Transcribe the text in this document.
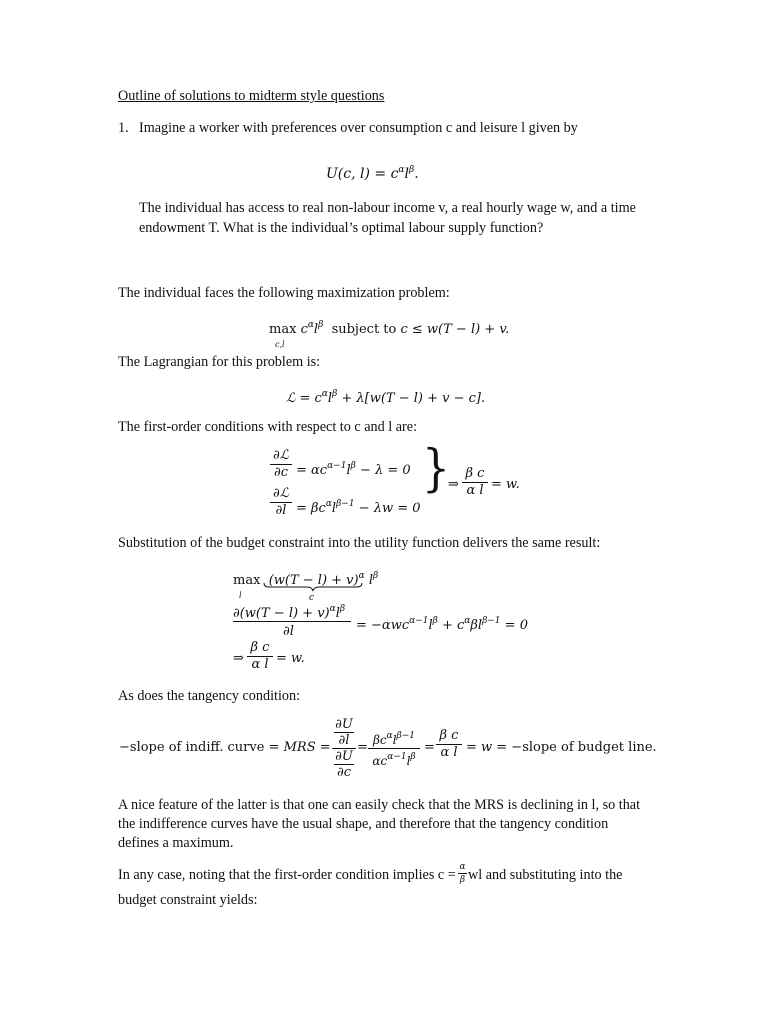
Outline of solutions to midterm style questions
1. Imagine a worker with preferences over consumption c and leisure l given by
U(c, $l) = c^\alpha l^\beta$.
The individual has access to real non-labour income v, a real hourly wage w, and a time
endowment T. What is the individual’s optimal labour supply function?
The individual faces the following maximization problem:
max
c,l
$c^\alpha l^\beta$  subject to c ≤ w(T − l) + v.
The Lagrangian for this problem is:
ℒ = $c^\alpha l^\beta + \lambda[w(T - l) + v - c]$.
The first-order conditions with respect to c and l are:
∂ℒ
$\partial c = \alpha c^{\alpha-1}l^\beta - \lambda = 0$
∂ℒ
$\partial l = \beta c^\alpha l^{\beta-1} - \lambda w = 0$
}
⇒
β c
α l = w.
Substitution of the budget constraint into the utility function delivers the same result:
max
l
$(w(T - l) + v)^\alpha$ $l^\beta$
c
$\partial(w(T - l) + v)^\alpha l^\beta$
∂l	= $-\alpha wc^{\alpha-1}l^\beta + c^\alpha\beta l^{\beta-1} = 0$
⇒
β c
α l = w.
As does the tangency condition:
−slope of indiff. curve = MRS =
∂U
∂l
∂U
∂c
= $\beta c^\alpha l^{\beta-1}$
$\alpha c^{\alpha-1}l^\beta$
=
β c
α l = w = −slope of budget line.
A nice feature of the latter is that one can easily check that the MRS is declining in l, so that
the indifference curves have the usual shape, and therefore that the tangency condition
defines a maximum.
In any case, noting that the first-order condition implies c = α
β wl and substituting into the
budget constraint yields:
